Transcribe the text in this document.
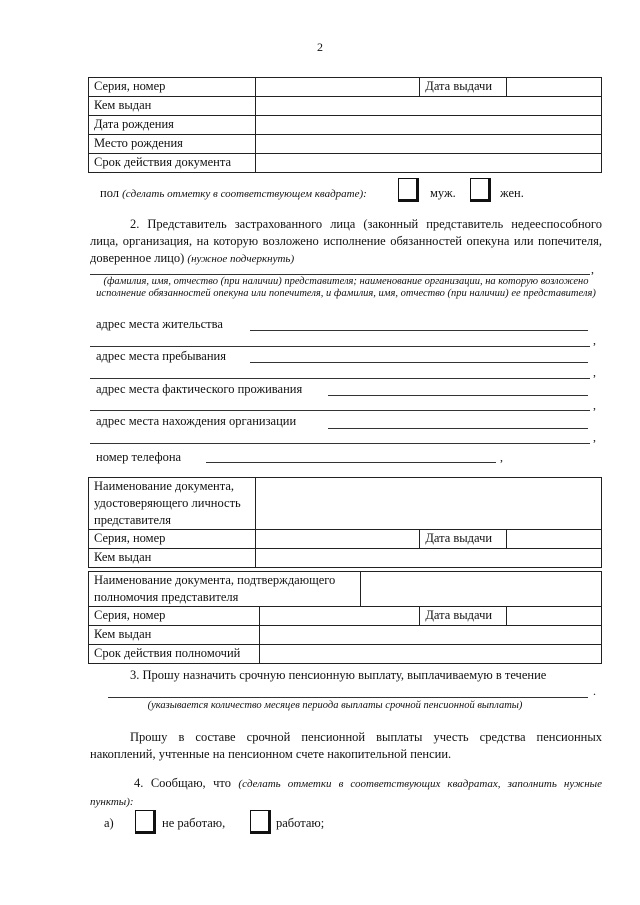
2
Серия, номер		Дата выдачи	
Кем выдан			
Дата рождения			
Место рождения			
Срок действия документа			
пол (сделать отметку в соответствующем квадрате):	муж.	жен.
2. Представитель застрахованного лица (законный представитель недееспособного лица, организация, на которую возложено исполнение обязанностей опекуна или попечителя, доверенное лицо) (нужное подчеркнуть)
,
(фамилия, имя, отчество (при наличии) представителя; наименование организации, на которую возложено исполнение обязанностей опекуна или попечителя, и фамилия, имя, отчество (при наличии) ее представителя)
адрес места жительства
,
адрес места пребывания
,
адрес места фактического проживания
,
адрес места нахождения организации
,
номер телефона	,
Наименование документа, удостоверяющего личность представителя			
Серия, номер		Дата выдачи	
Кем выдан			
Наименование документа, подтверждающего полномочия представителя				
Серия, номер			Дата выдачи	
Кем выдан				
Срок действия полномочий				
3. Прошу назначить срочную пенсионную выплату, выплачиваемую в течение
.
(указывается количество месяцев периода выплаты срочной пенсионной выплаты)
Прошу в составе срочной пенсионной выплаты учесть средства пенсионных накоплений, учтенные на пенсионном счете накопительной пенсии.
4. Сообщаю, что (сделать отметки в соответствующих квадратах, заполнить нужные пункты):
а)	не работаю,	работаю;
